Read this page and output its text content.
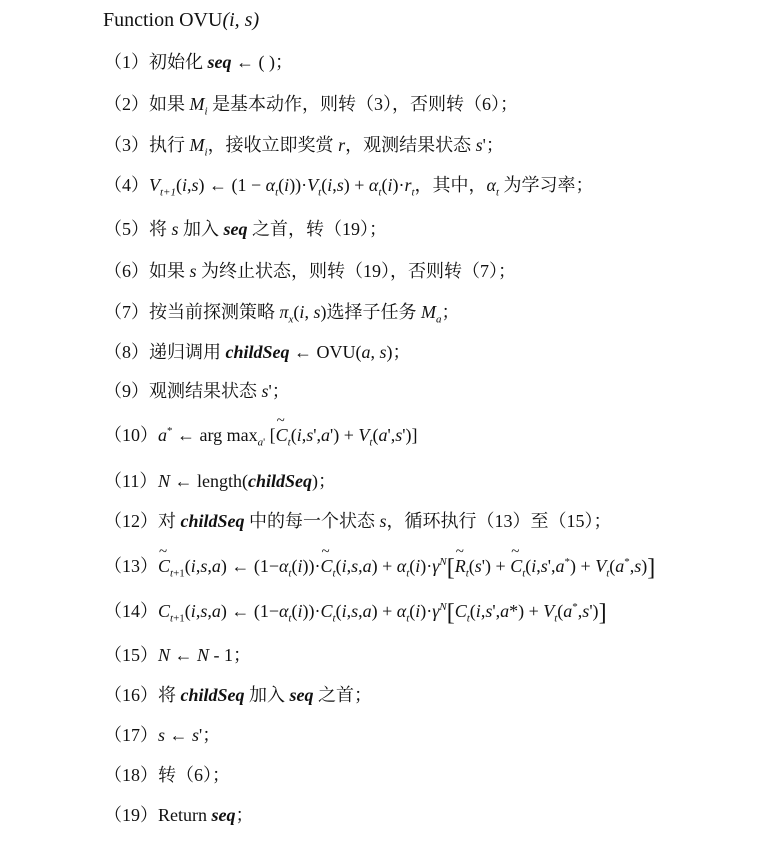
Function OVU(i, s)
（1）初始化 seq ← ( )；
（2）如果 $M_i$ 是基本动作，则转（3），否则转（6）；
（3）执行 $M_i$，接收立即奖赏 r，观测结果状态 s'；
$(4)V_{t+1}(i,s)$ ← $(1 - \alpha_t(i))\cdot V_t(i,s) + \alpha_t(i)\cdot r_t$，其中，$\alpha_t$ 为学习率；
（5）将 s 加入 seq 之首，转（19）；
（6）如果 s 为终止状态，则转（19），否则转（7）；
（7）按当前探测策略 $\pi_x(i$, s)选择子任务 $M_a$；
（8）递归调用 childSeq ← OVU(a, s)；
（9）观测结果状态 s'；
（10）a* ← arg $\max_{a'}$ [~ $C_t(i,s',a') + V_t(a',s')$]
（11）N ← length(childSeq)；
（12）对 childSeq 中的每一个状态 s，循环执行（13）至（15）；
（13）~ $C_{t+1}(i,s,a)$ ← $(1-\alpha_t(i))\cdot\sim$ $C_t(i,s,a)$ + $\alpha_t(i)\cdot\gamma^N[\sim$ $R_t(s')$ + ~ $C_t(i,s',a^*) + V_t(a^*,s)$]
$(14)C_{t+1}(i,s,a)$ ← $(1-\alpha_t(i))\cdot C_t(i,s,a) + \alpha_t(i)\cdot\gamma^N[C_t(i,s',a*) + V_t(a^*,s')]$
（15）N ← N - 1；
（16）将 childSeq 加入 seq 之首；
（17）s ← s'；
（18）转（6）；
（19）Return seq；
